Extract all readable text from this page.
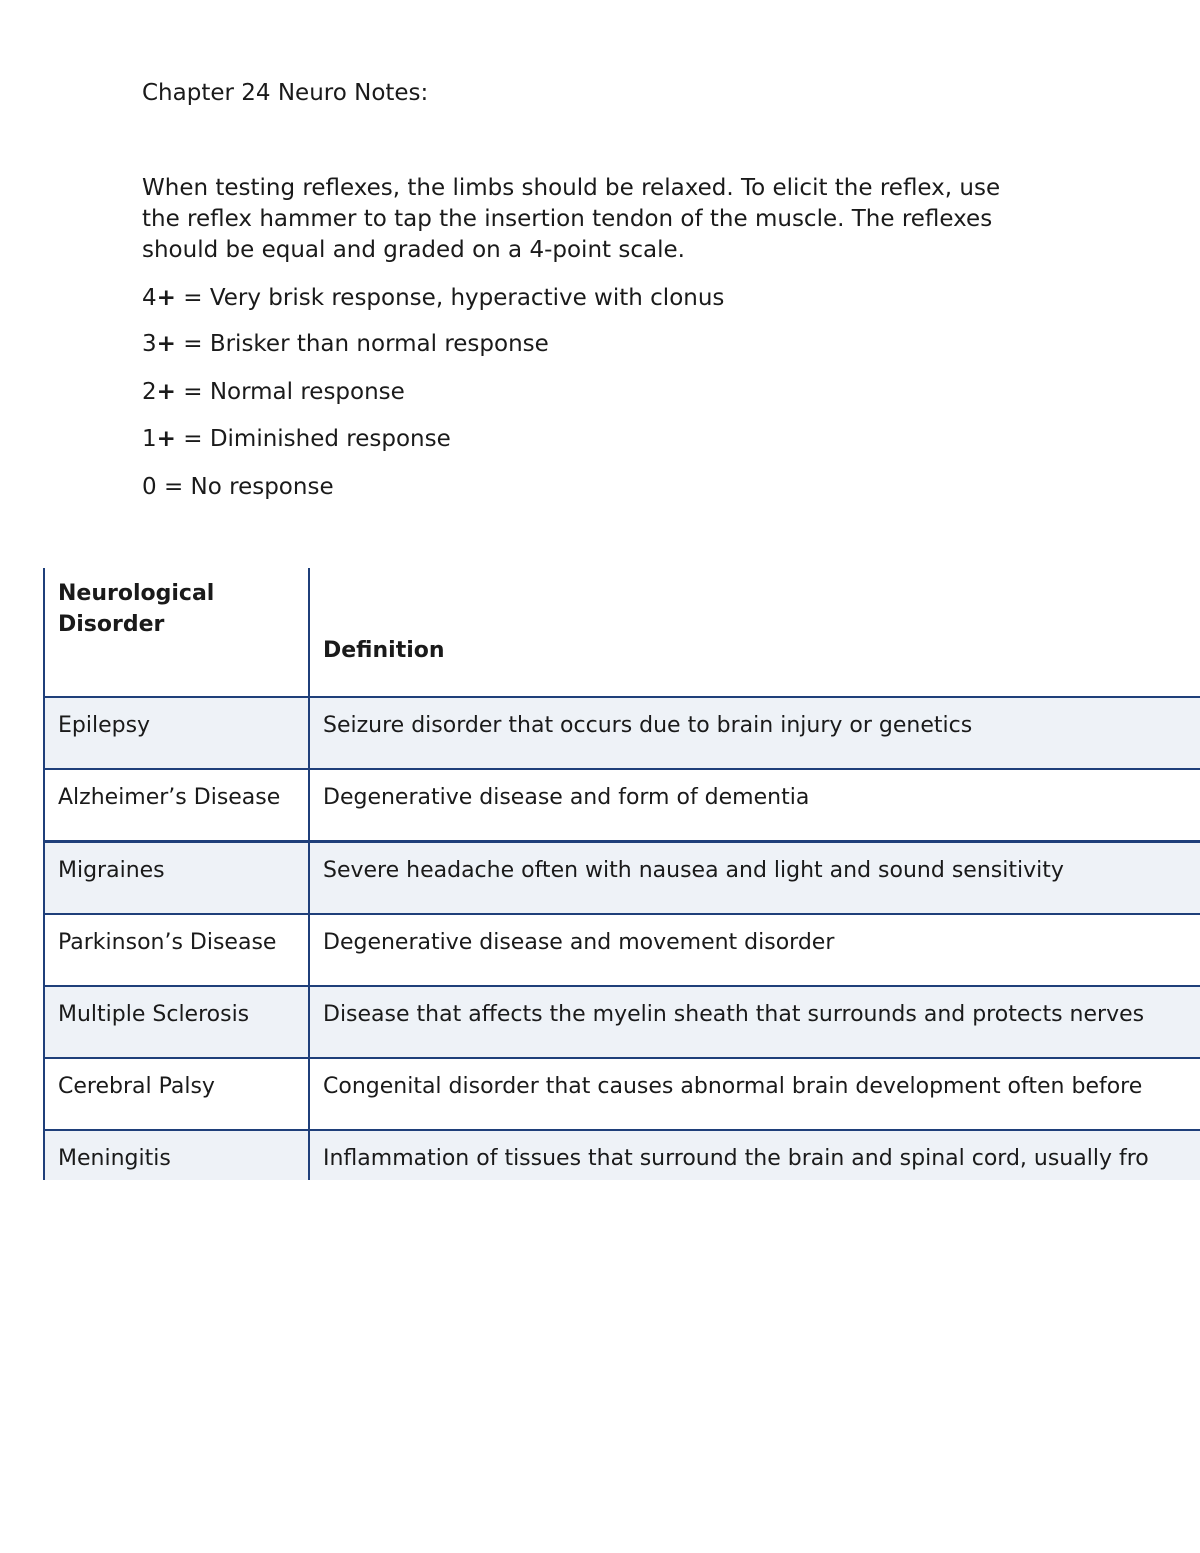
Chapter 24 Neuro Notes:
When testing reflexes, the limbs should be relaxed. To elicit the reflex, use the reflex hammer to tap the insertion tendon of the muscle. The reflexes should be equal and graded on a 4-point scale.
4+ = Very brisk response, hyperactive with clonus
3+ = Brisker than normal response
2+ = Normal response
1+ = Diminished response
0 = No response
Neurological
Disorder	Definition
Epilepsy	Seizure disorder that occurs due to brain injury or genetics
Alzheimer’s Disease	Degenerative disease and form of dementia
Migraines	Severe headache often with nausea and light and sound sensitivity
Parkinson’s Disease	Degenerative disease and movement disorder
Multiple Sclerosis	Disease that affects the myelin sheath that surrounds and protects nerves
Cerebral Palsy	Congenital disorder that causes abnormal brain development often before
Meningitis	Inflammation of tissues that surround the brain and spinal cord, usually fro
